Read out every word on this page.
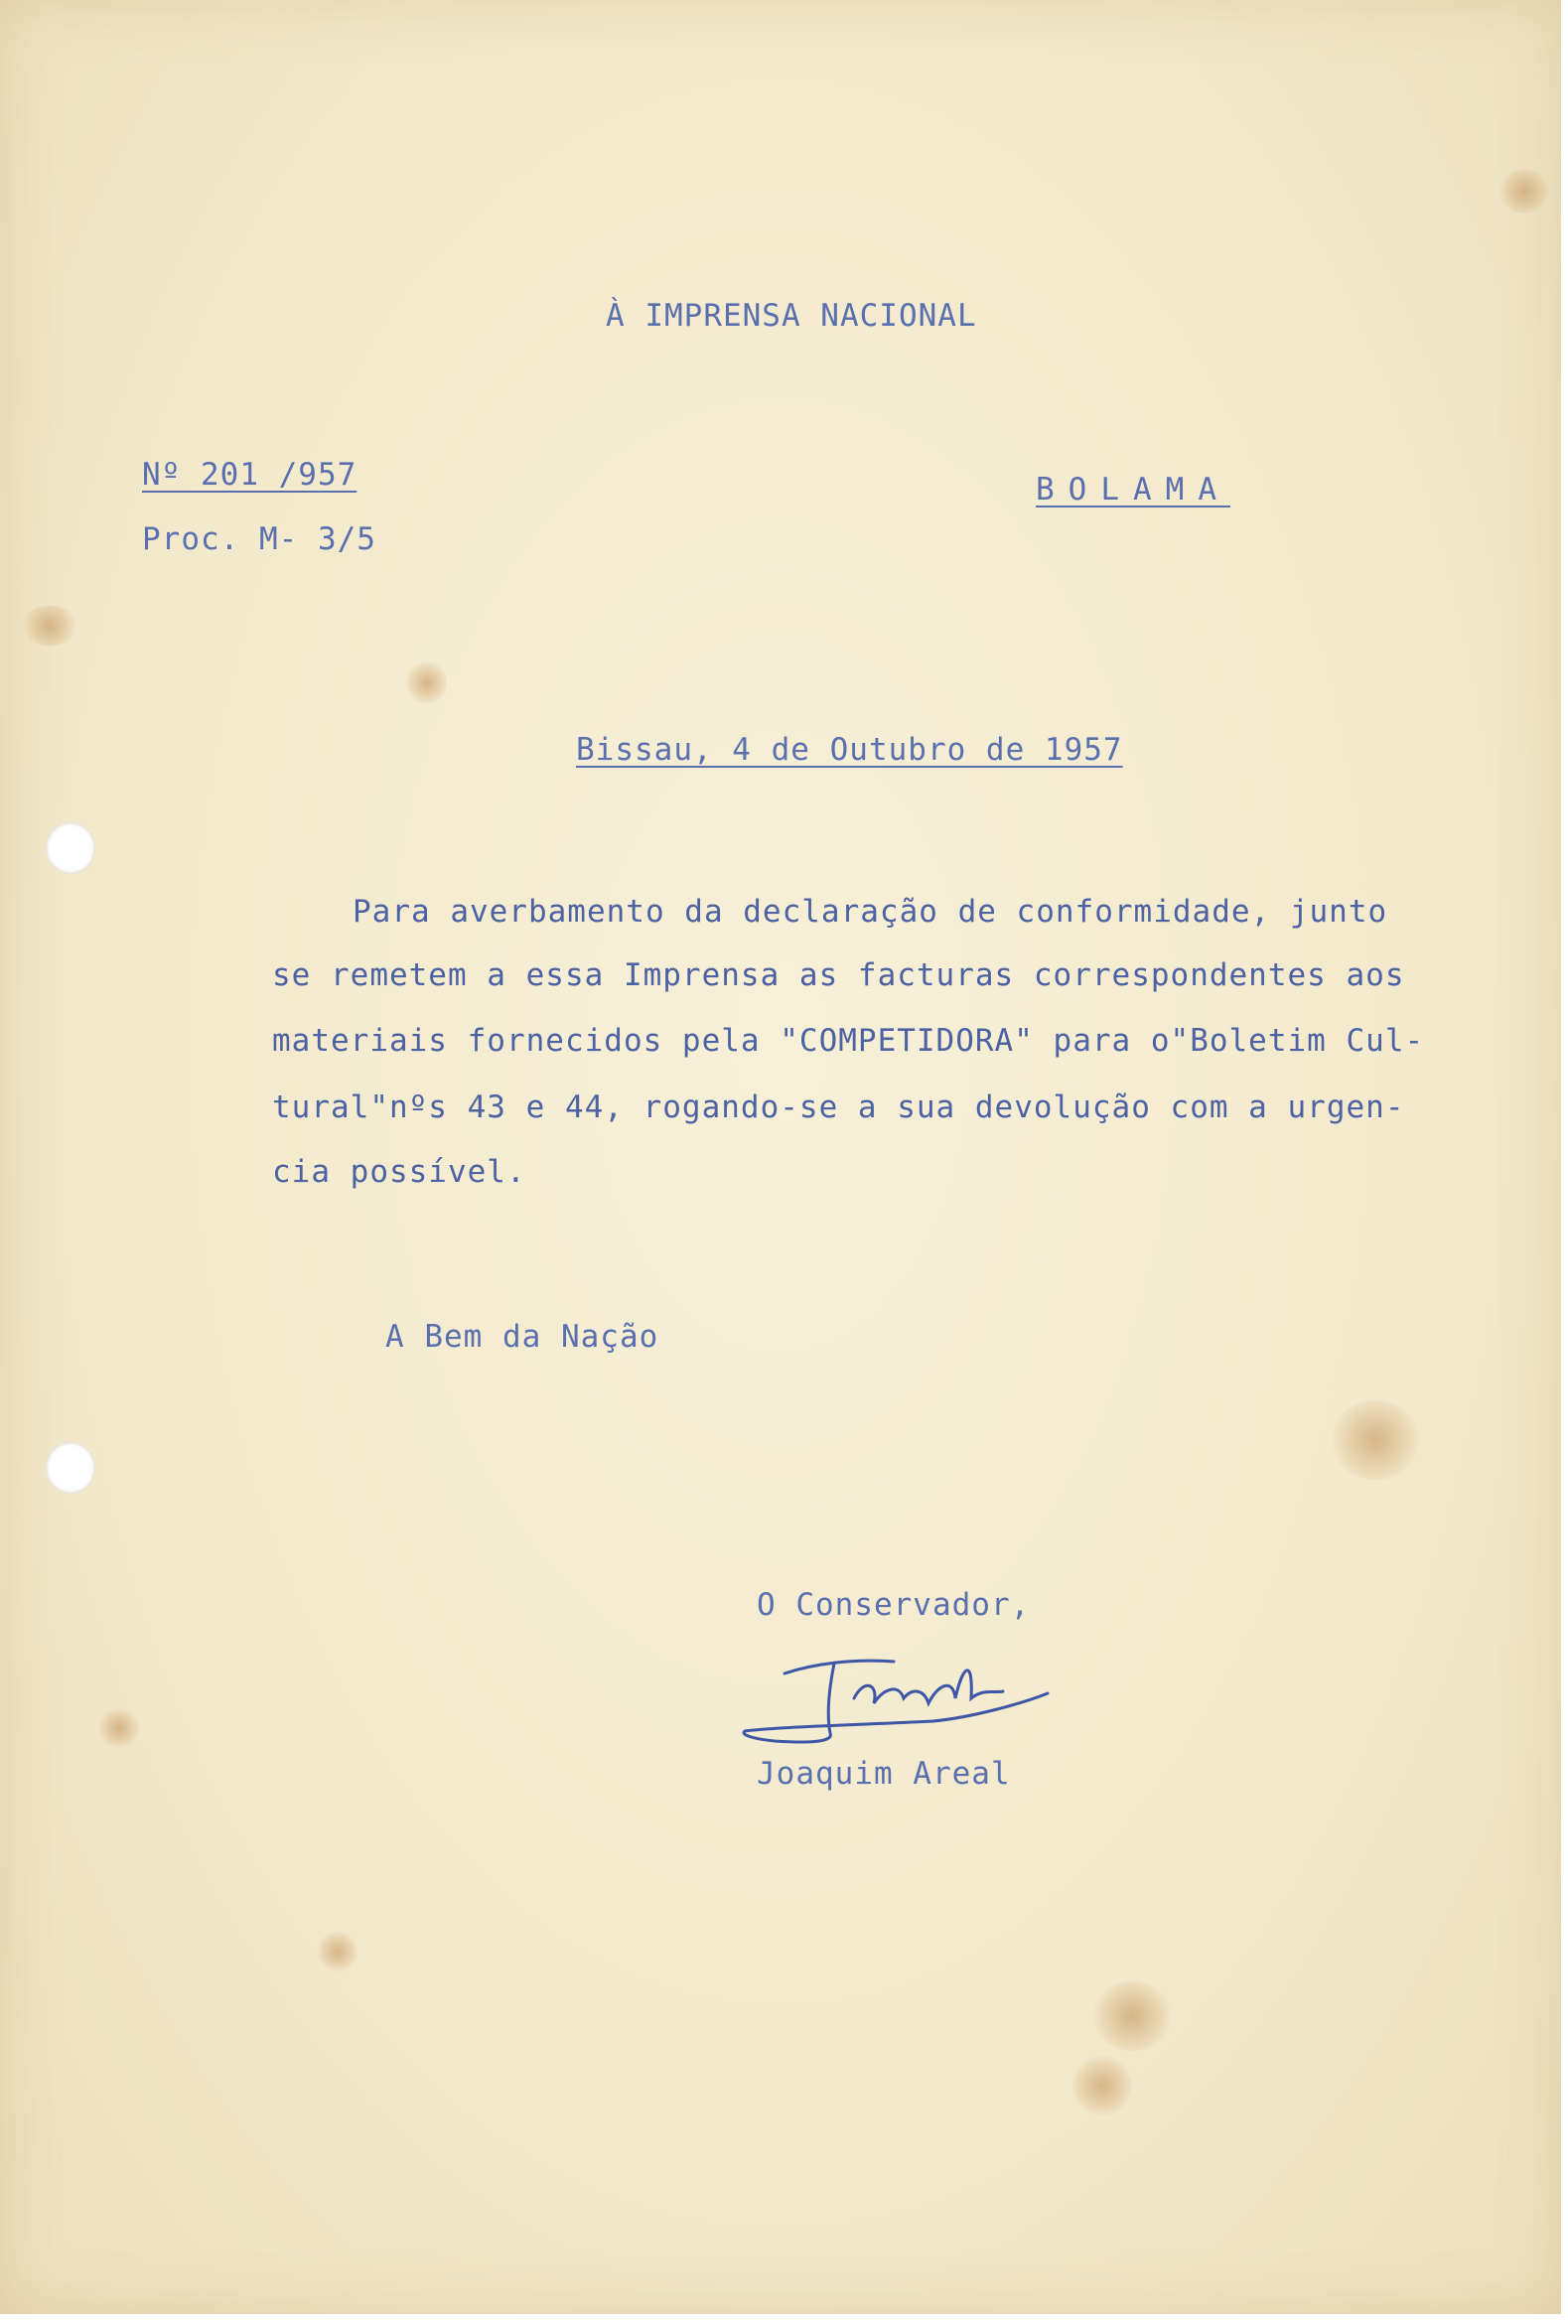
À IMPRENSA NACIONAL
Nº 201 /957
Proc. M- 3/5
BOLAMA
Bissau, 4 de Outubro de 1957
Para averbamento da declaração de conformidade, junto
se remetem a essa Imprensa as facturas correspondentes aos
materiais fornecidos pela "COMPETIDORA" para o"Boletim Cul-
tural"nºs 43 e 44, rogando-se a sua devolução com a urgen-
cia possível.
A Bem da Nação
O Conservador,
Joaquim Areal
